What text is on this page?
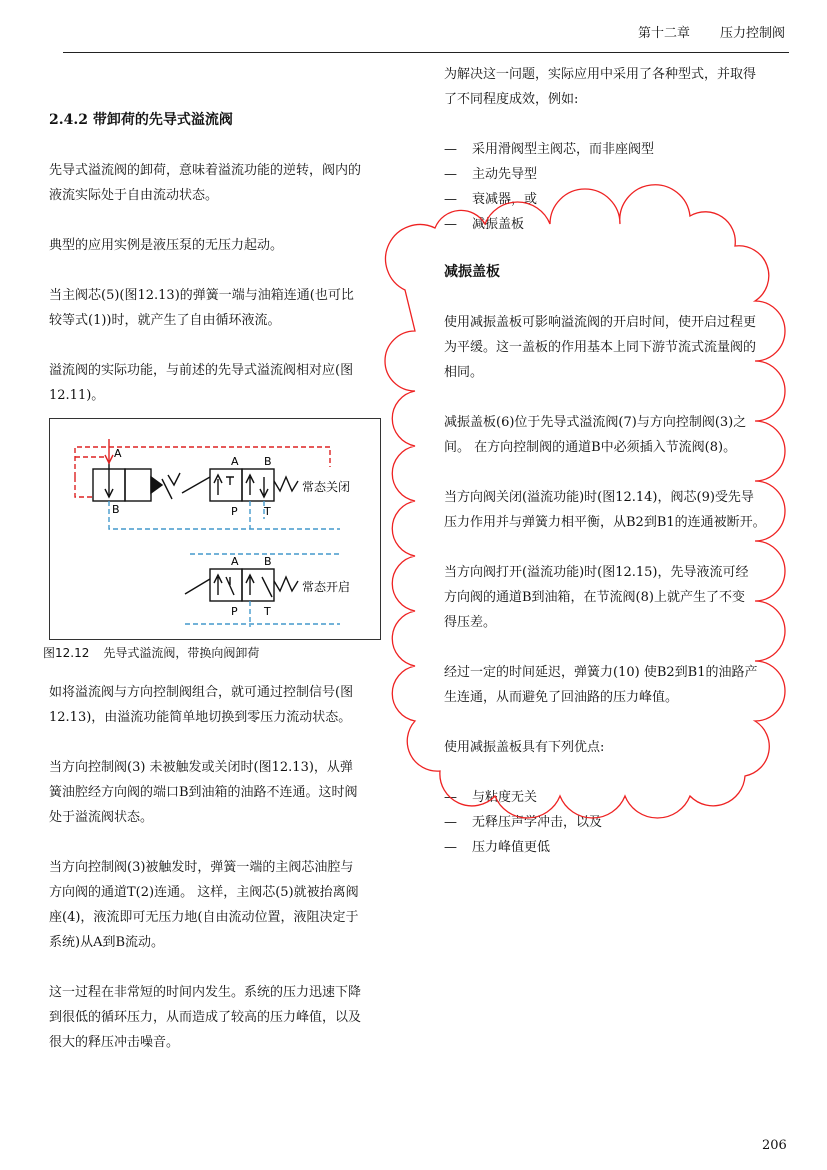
第十二章 压力控制阀
2.4.2 带卸荷的先导式溢流阀

先导式溢流阀的卸荷，意味着溢流功能的逆转，阀内的
液流实际处于自由流动状态。

典型的应用实例是液压泵的无压力起动。

当主阀芯(5)(图12.13)的弹簧一端与油箱连通(也可比
较等式(1))时，就产生了自由循环液流。

溢流阀的实际功能，与前述的先导式溢流阀相对应(图
12.11)。

A
B
A B
P T
A B
P T
常态关闭
常态开启
图12.12 先导式溢流阀，带换向阀卸荷

如将溢流阀与方向控制阀组合，就可通过控制信号(图
12.13)，由溢流功能简单地切换到零压力流动状态。

当方向控制阀(3) 未被触发或关闭时(图12.13)，从弹
簧油腔经方向阀的端口B到油箱的油路不连通。这时阀
处于溢流阀状态。

当方向控制阀(3)被触发时，弹簧一端的主阀芯油腔与
方向阀的通道T(2)连通。 这样，主阀芯(5)就被抬离阀
座(4)，液流即可无压力地(自由流动位置，液阻决定于
系统)从A到B流动。

这一过程在非常短的时间内发生。系统的压力迅速下降
到很低的循环压力，从而造成了较高的压力峰值，以及
很大的释压冲击噪音。

为解决这一问题，实际应用中采用了各种型式，并取得
了不同程度成效，例如:

—	采用滑阀型主阀芯，而非座阀型
—	主动先导型
—	衰减器，或
—	减振盖板
减振盖板

使用减振盖板可影响溢流阀的开启时间，使开启过程更
为平缓。这一盖板的作用基本上同下游节流式流量阀的
相同。

减振盖板(6)位于先导式溢流阀(7)与方向控制阀(3)之
间。 在方向控制阀的通道B中必须插入节流阀(8)。

当方向阀关闭(溢流功能)时(图12.14)，阀芯(9)受先导
压力作用并与弹簧力相平衡，从B2到B1的连通被断开。

当方向阀打开(溢流功能)时(图12.15)，先导液流可经
方向阀的通道B到油箱，在节流阀(8)上就产生了不变
得压差。

经过一定的时间延迟，弹簧力(10) 使B2到B1的油路产
生连通，从而避免了回油路的压力峰值。

使用减振盖板具有下列优点:

—	与粘度无关
—	无释压声学冲击，以及
—	压力峰值更低
206
